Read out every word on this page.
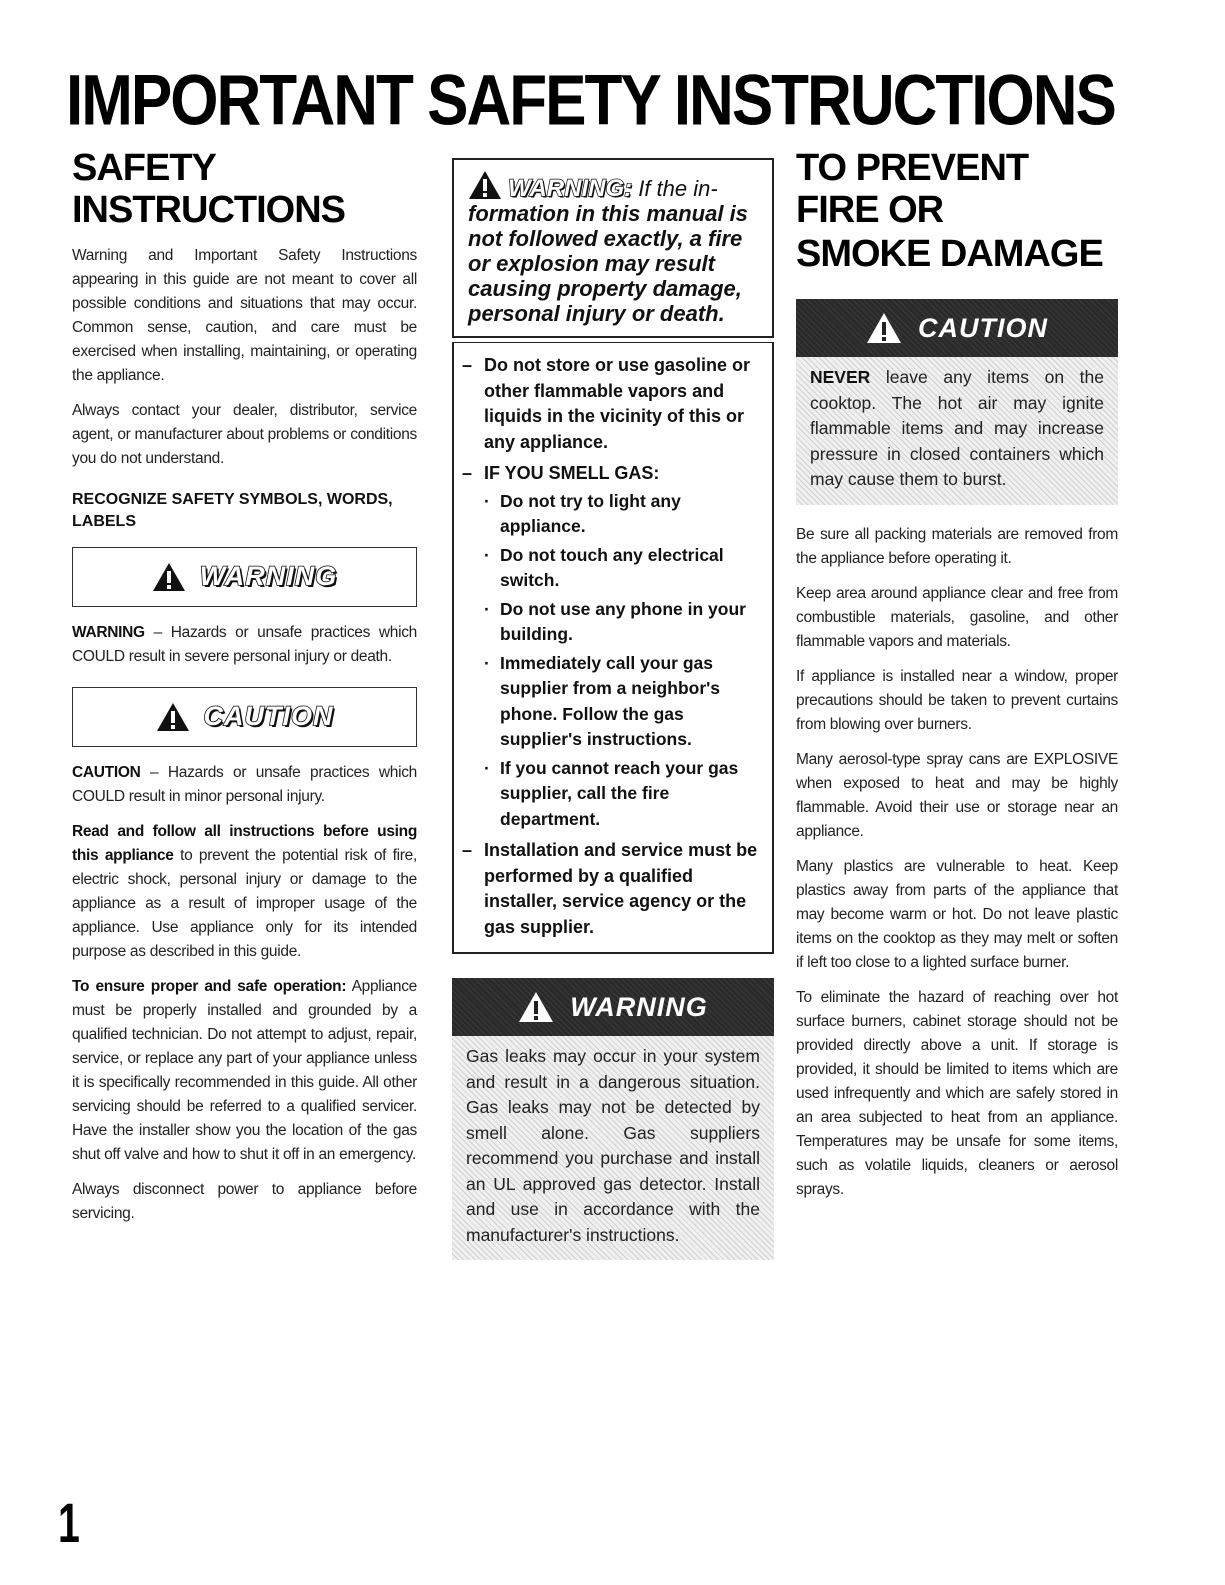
IMPORTANT SAFETY INSTRUCTIONS
SAFETY INSTRUCTIONS

Warning and Important Safety Instructions appearing in this guide are not meant to cover all possible conditions and situations that may occur. Common sense, caution, and care must be exercised when installing, maintaining, or operating the appliance.

Always contact your dealer, distributor, service agent, or manufacturer about problems or conditions you do not understand.

RECOGNIZE SAFETY SYMBOLS, WORDS, LABELS
WARNING

WARNING – Hazards or unsafe practices which COULD result in severe personal injury or death.

CAUTION

CAUTION – Hazards or unsafe practices which COULD result in minor personal injury.

Read and follow all instructions before using this appliance to prevent the potential risk of fire, electric shock, personal injury or damage to the appliance as a result of improper usage of the appliance. Use appliance only for its intended purpose as described in this guide.

To ensure proper and safe operation: Appliance must be properly installed and grounded by a qualified technician. Do not attempt to adjust, repair, service, or replace any part of your appliance unless it is specifically recommended in this guide. All other servicing should be referred to a qualified servicer. Have the installer show you the location of the gas shut off valve and how to shut it off in an emergency.

Always disconnect power to appliance before servicing.

WARNING: If the in- formation in this manual is not followed exactly, a fire or explosion may result causing property damage, personal injury or death.
– Do not store or use gasoline or other flammable vapors and liquids in the vicinity of this or any appliance.
– IF YOU SMELL GAS:
· Do not try to light any appliance.
· Do not touch any electrical switch.
· Do not use any phone in your building.
· Immediately call your gas supplier from a neighbor's phone. Follow the gas supplier's instructions.
· If you cannot reach your gas supplier, call the fire department.
– Installation and service must be performed by a qualified installer, service agency or the gas supplier.
WARNING
Gas leaks may occur in your system and result in a dangerous situation. Gas leaks may not be detected by smell alone. Gas suppliers recommend you purchase and install an UL approved gas detector. Install and use in accordance with the manufacturer's instructions.
TO PREVENT FIRE OR
SMOKE DAMAGE
CAUTION
NEVER leave any items on the cooktop. The hot air may ignite flammable items and may increase pressure in closed containers which may cause them to burst.

Be sure all packing materials are removed from the appliance before operating it.

Keep area around appliance clear and free from combustible materials, gasoline, and other flammable vapors and materials.

If appliance is installed near a window, proper precautions should be taken to prevent curtains from blowing over burners.

Many aerosol-type spray cans are EXPLOSIVE when exposed to heat and may be highly flammable. Avoid their use or storage near an appliance.

Many plastics are vulnerable to heat. Keep plastics away from parts of the appliance that may become warm or hot. Do not leave plastic items on the cooktop as they may melt or soften if left too close to a lighted surface burner.

To eliminate the hazard of reaching over hot surface burners, cabinet storage should not be provided directly above a unit. If storage is provided, it should be limited to items which are used infrequently and which are safely stored in an area subjected to heat from an appliance. Temperatures may be unsafe for some items, such as volatile liquids, cleaners or aerosol sprays.

1
